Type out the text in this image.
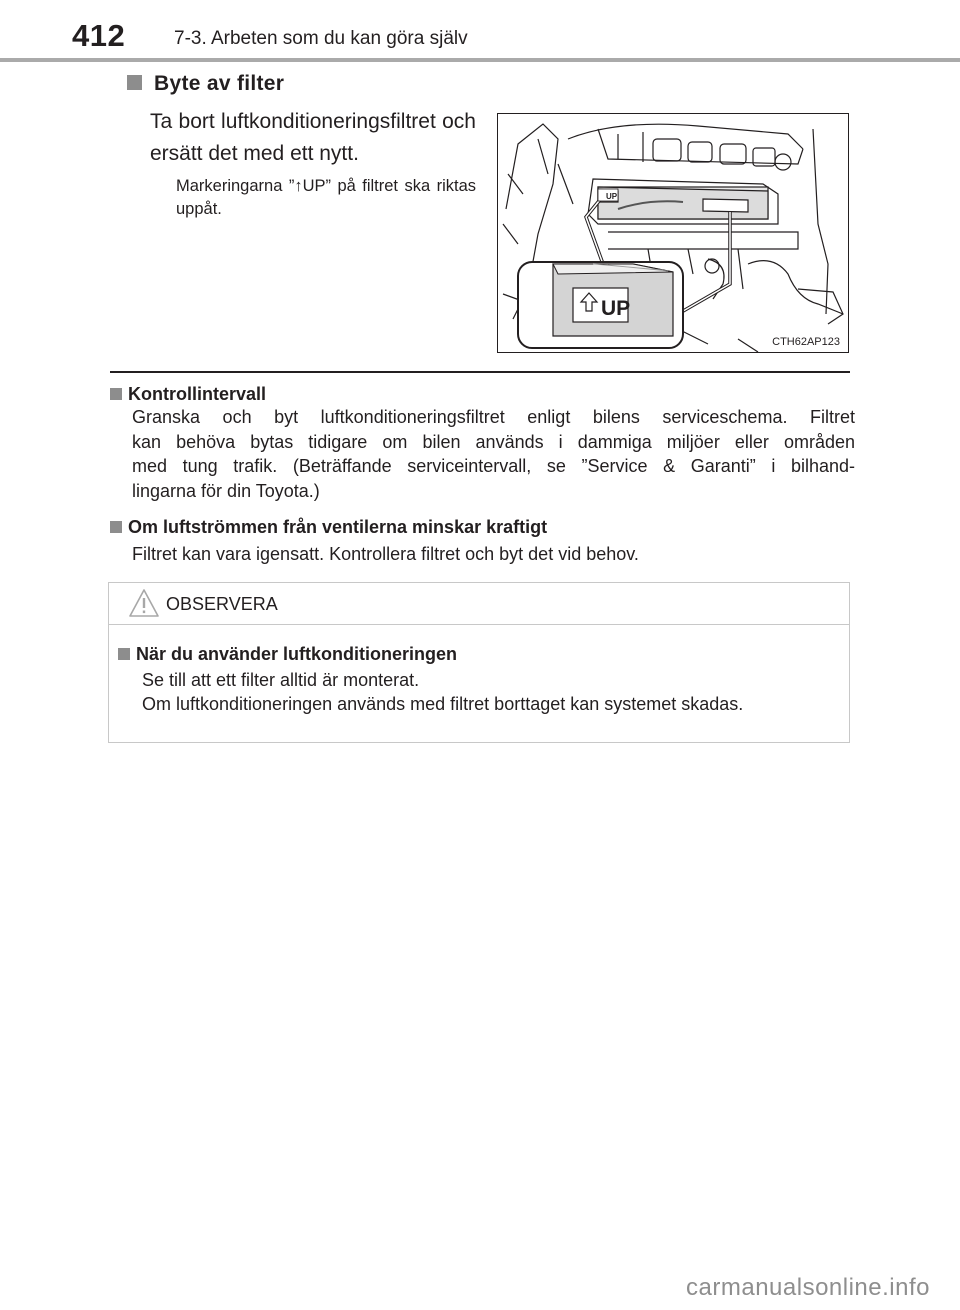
412	7-3. Arbeten som du kan göra själv
Byte av filter
Ta bort luftkonditioneringsfiltret och ersätt det med ett nytt.
Markeringarna ”↑UP” på filtret ska riktas uppåt.
UP
UP
CTH62AP123
Kontrollintervall
Granska och byt luftkonditioneringsfiltret enligt bilens serviceschema. Filtret
kan behöva bytas tidigare om bilen används i dammiga miljöer eller områden
med tung trafik. (Beträffande serviceintervall, se ”Service & Garanti” i bilhand-
lingarna för din Toyota.)
Om luftströmmen från ventilerna minskar kraftigt
Filtret kan vara igensatt. Kontrollera filtret och byt det vid behov.
OBSERVERA
När du använder luftkonditioneringen
Se till att ett filter alltid är monterat.
Om luftkonditioneringen används med filtret borttaget kan systemet skadas.
carmanualsonline.info
